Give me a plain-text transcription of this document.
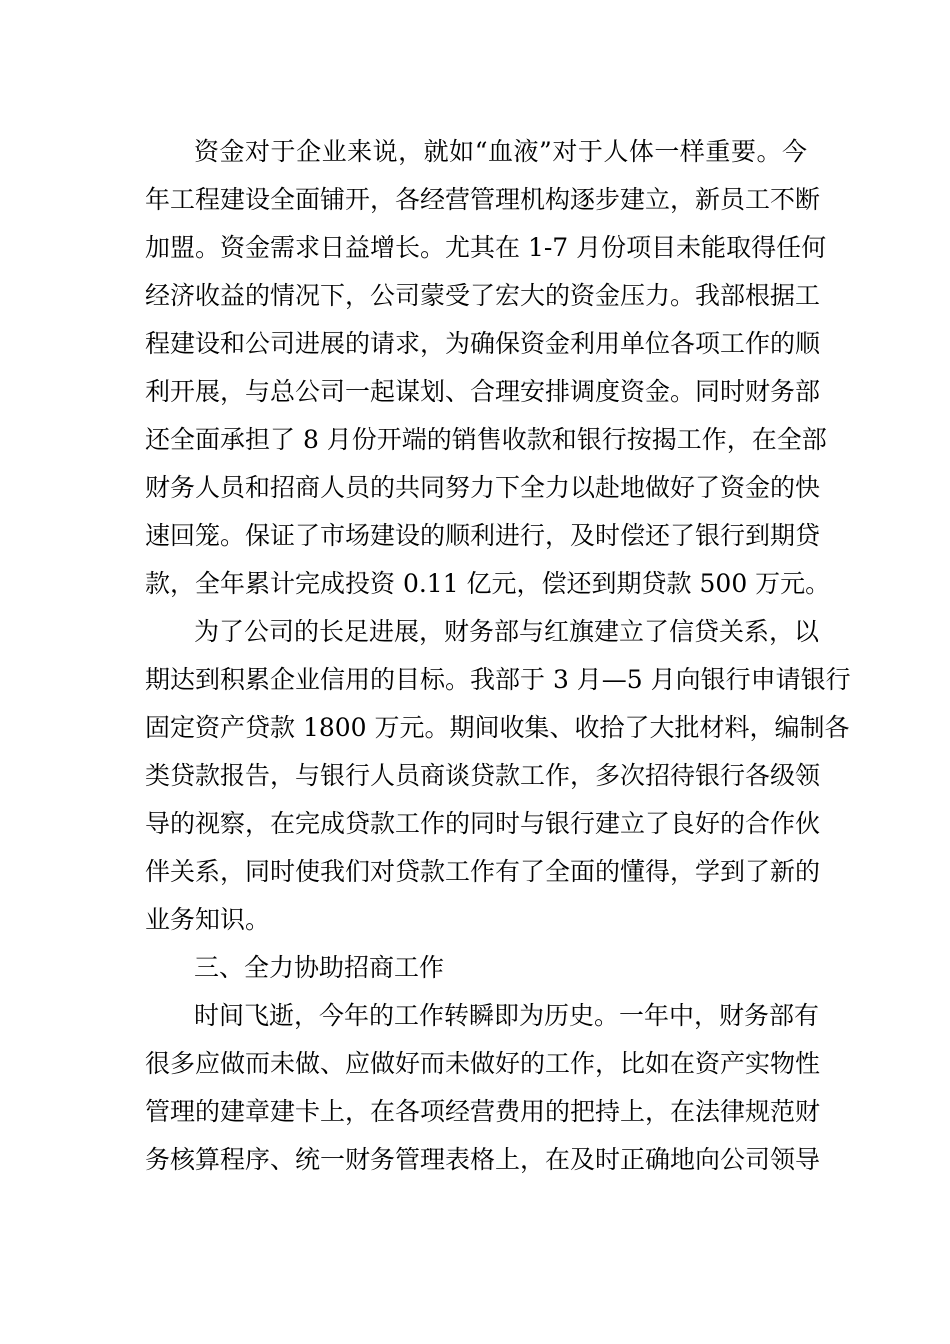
资金对于企业来说，就如“血液”对于人体一样重要。今
年工程建设全面铺开，各经营管理机构逐步建立，新员工不断
加盟。资金需求日益增长。尤其在 1-7 月份项目未能取得任何
经济收益的情况下，公司蒙受了宏大的资金压力。我部根据工
程建设和公司进展的请求，为确保资金利用单位各项工作的顺
利开展，与总公司一起谋划、合理安排调度资金。同时财务部
还全面承担了 8 月份开端的销售收款和银行按揭工作，在全部
财务人员和招商人员的共同努力下全力以赴地做好了资金的快
速回笼。保证了市场建设的顺利进行，及时偿还了银行到期贷
款，全年累计完成投资 0.11 亿元，偿还到期贷款 500 万元。
为了公司的长足进展，财务部与红旗建立了信贷关系，以
期达到积累企业信用的目标。我部于 3 月—5 月向银行申请银行
固定资产贷款 1800 万元。期间收集、收拾了大批材料，编制各
类贷款报告，与银行人员商谈贷款工作，多次招待银行各级领
导的视察，在完成贷款工作的同时与银行建立了良好的合作伙
伴关系，同时使我们对贷款工作有了全面的懂得，学到了新的
业务知识。
三、全力协助招商工作
时间飞逝，今年的工作转瞬即为历史。一年中，财务部有
很多应做而未做、应做好而未做好的工作，比如在资产实物性
管理的建章建卡上，在各项经营费用的把持上，在法律规范财
务核算程序、统一财务管理表格上，在及时正确地向公司领导
